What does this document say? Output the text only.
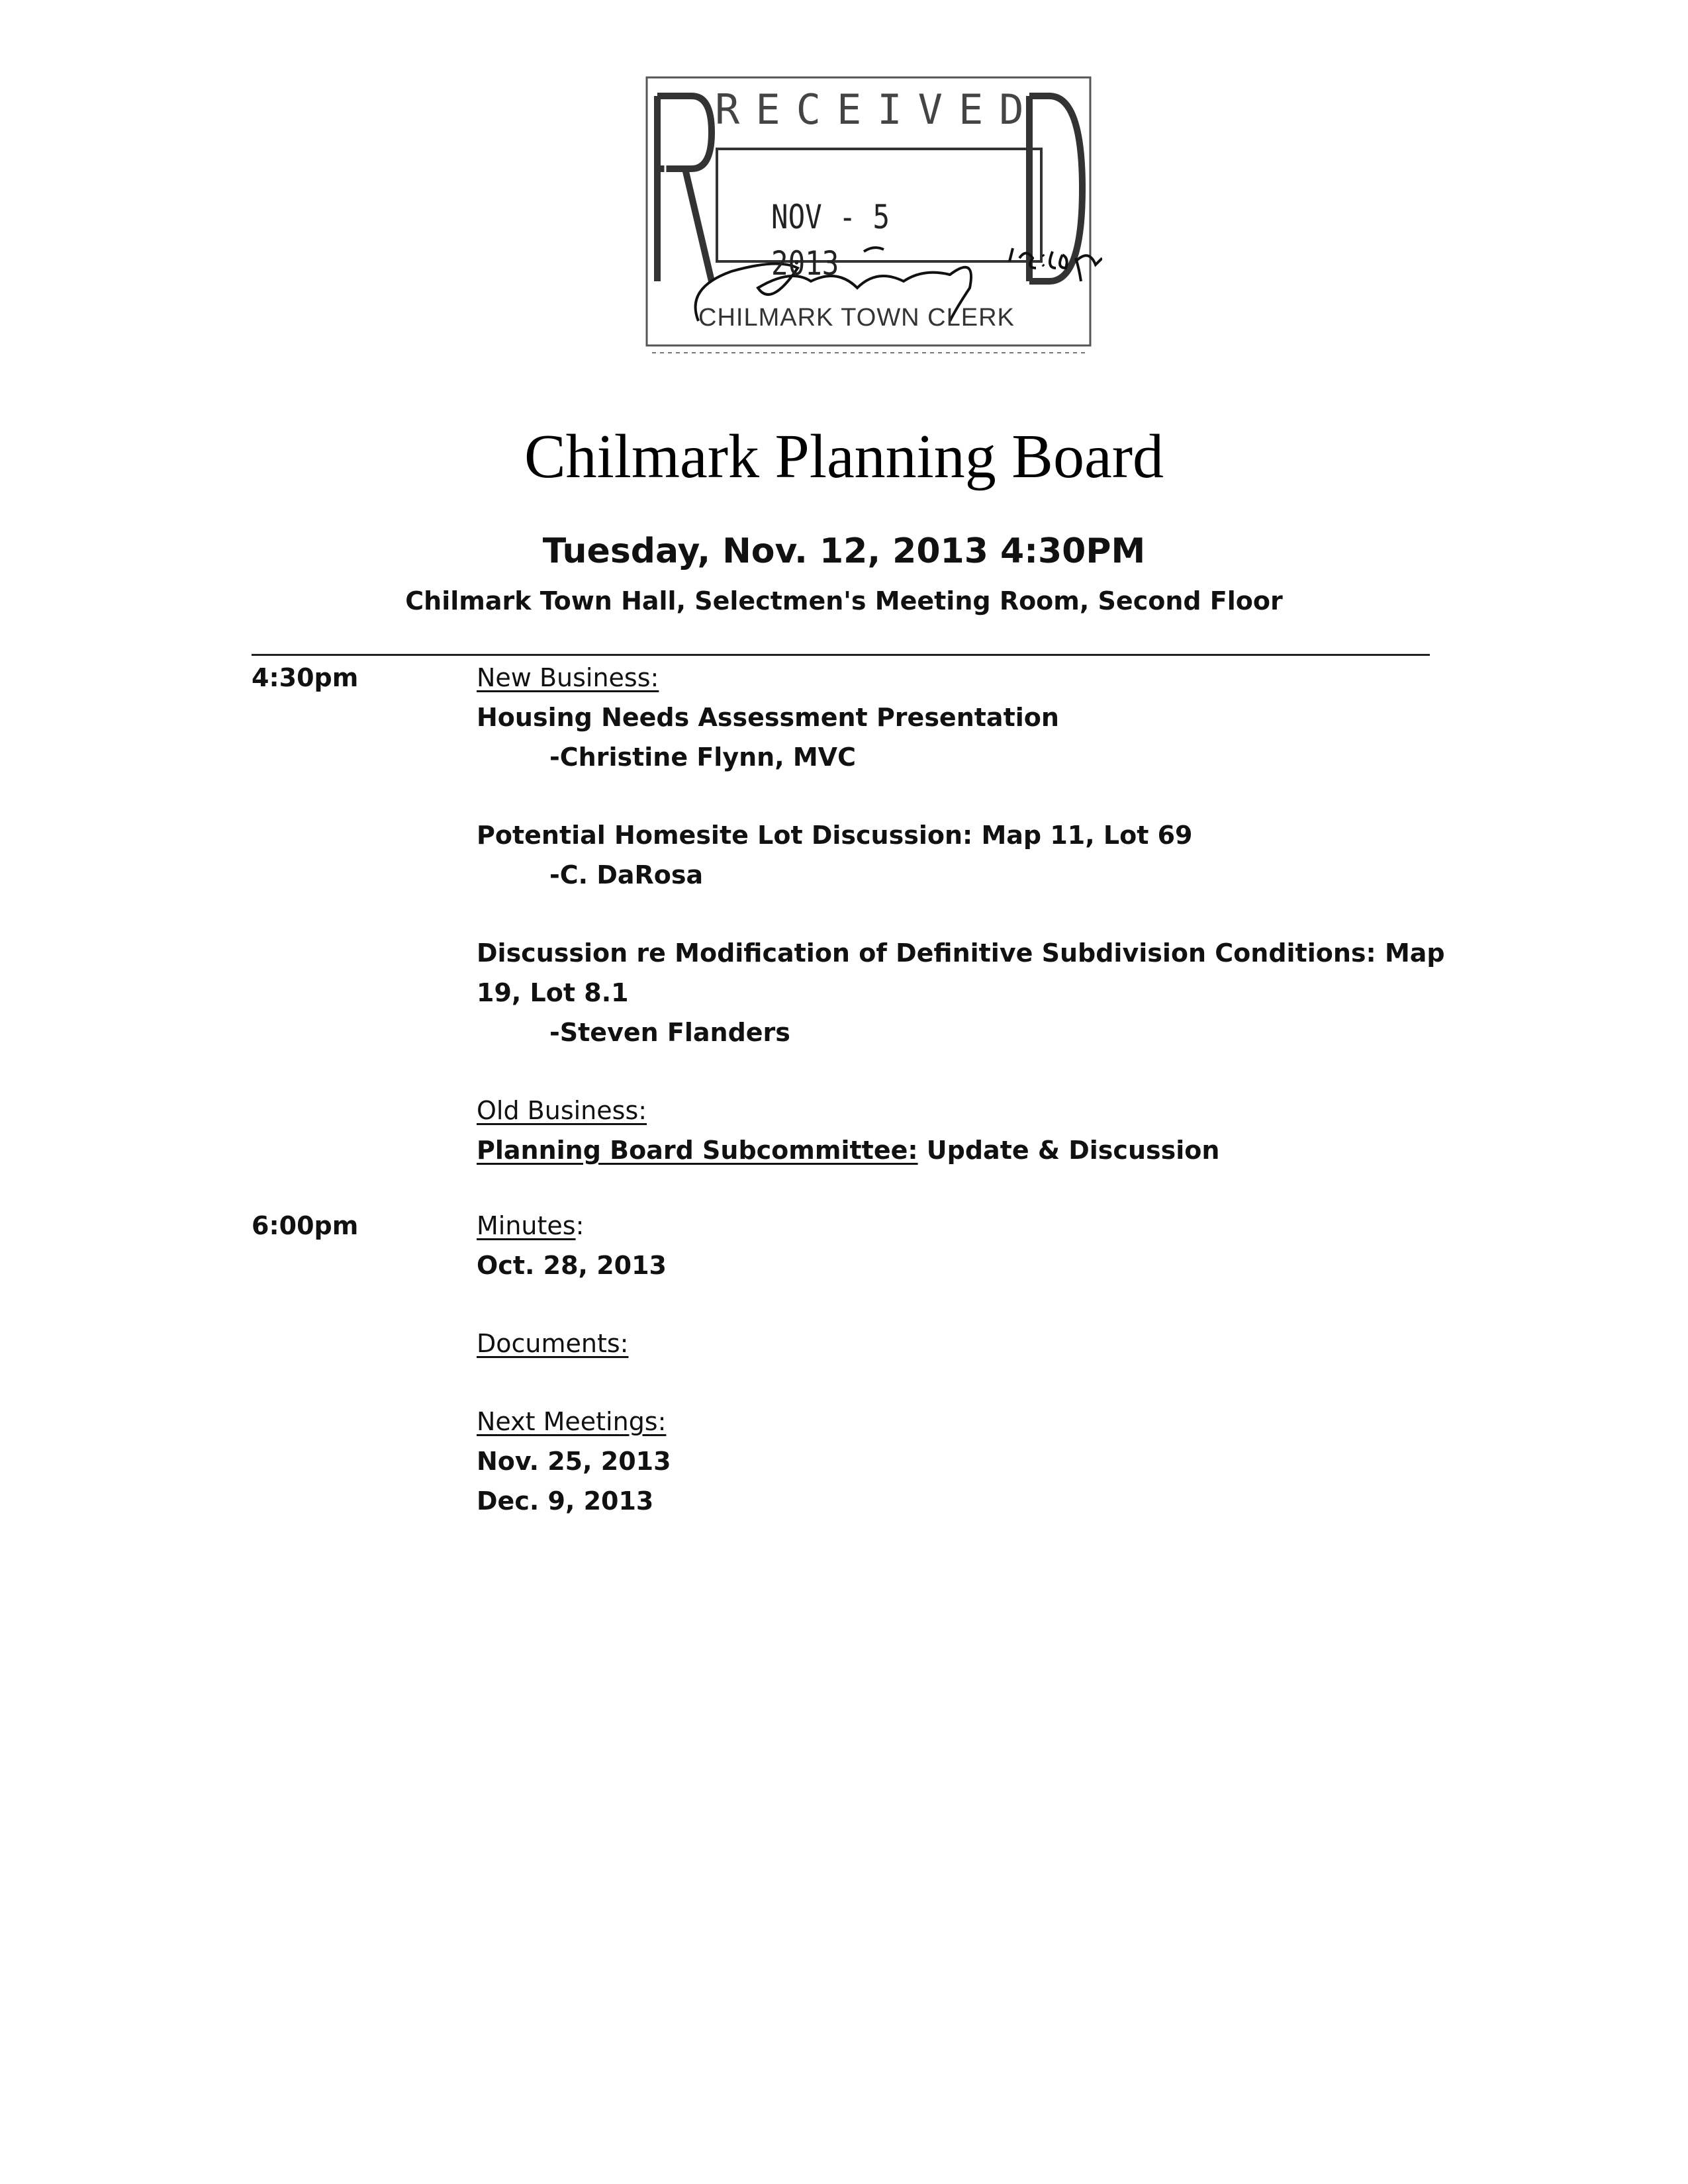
RECEIVED
NOV - 5 2013
CHILMARK TOWN CLERK
Chilmark Planning Board
Tuesday, Nov. 12, 2013 4:30PM
Chilmark Town Hall, Selectmen's Meeting Room, Second Floor
4:30pm	New Business:
Housing Needs Assessment Presentation
-Christine Flynn, MVC
Potential Homesite Lot Discussion: Map 11, Lot 69
-C. DaRosa
Discussion re Modification of Definitive Subdivision Conditions: Map
19, Lot 8.1
-Steven Flanders
Old Business:
Planning Board Subcommittee: Update & Discussion
6:00pm	Minutes:
Oct. 28, 2013
Documents:
Next Meetings:
Nov. 25, 2013
Dec. 9, 2013
